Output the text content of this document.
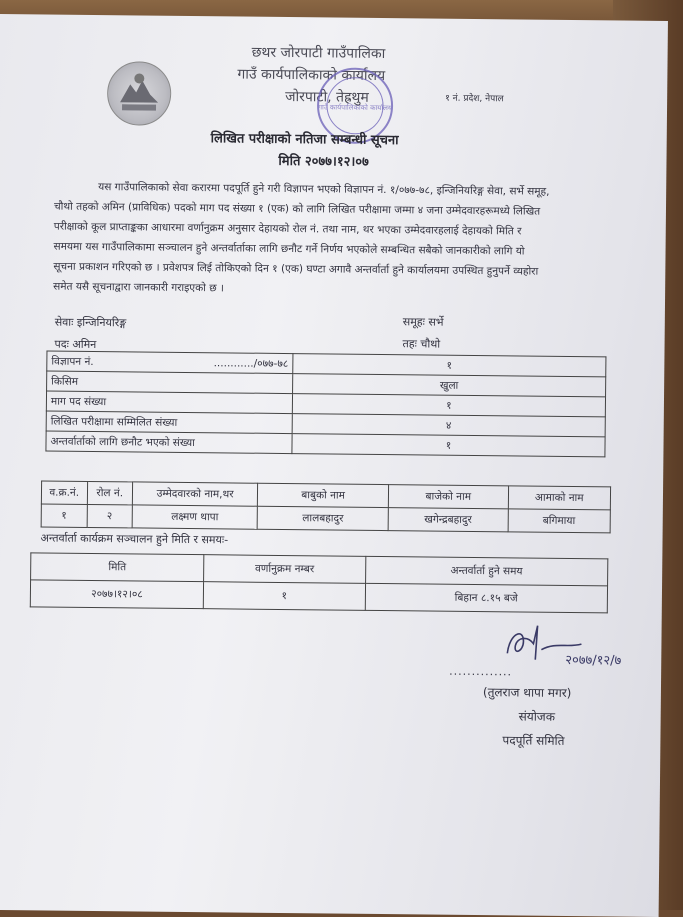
छथर जोरपाटी गाउँपालिका
गाउँ कार्यपालिकाको कार्यालय
जोरपाटी, तेह्रथुम
गाउँ कार्यपालिकाको कार्यालय
१ नं. प्रदेश, नेपाल
लिखित परीक्षाको नतिजा सम्बन्धी सूचना
मिति २०७७।१२।०७
यस गाउँपालिकाको सेवा करारमा पदपूर्ति हुने गरी विज्ञापन भएको विज्ञापन नं. १/०७७-७८, इन्जिनियरिङ्ग सेवा, सर्भे समूह,
चौथो तहको अमिन (प्राविधिक) पदको माग पद संख्या १ (एक) को लागि लिखित परीक्षामा जम्मा ४ जना उम्मेदवारहरूमध्ये लिखित
परीक्षाको कूल प्राप्ताङ्कका आधारमा वर्णानुक्रम अनुसार देहायको रोल नं. तथा नाम, थर भएका उम्मेदवारहलाई देहायको मिति र
समयमा यस गाउँपालिकामा सञ्चालन हुने अन्तर्वार्ताका लागि छनौट गर्ने निर्णय भएकोले सम्बन्धित सबैको जानकारीको लागि यो
सूचना प्रकाशन गरिएको छ । प्रवेशपत्र लिई तोकिएको दिन १ (एक) घण्टा अगावै अन्तर्वार्ता हुने कार्यालयमा उपस्थित हुनुपर्ने व्यहोरा
समेत यसै सूचनाद्वारा जानकारी गराइएको छ ।
सेवाः इन्जिनियरिङ्ग	समूहः सर्भे
पदः अमिन	तहः चौथो
विज्ञापन नं. ............/०७७-७८	१
किसिम	खुला
माग पद संख्या	१
लिखित परीक्षामा सम्मिलित संख्या	४
अन्तर्वार्ताको लागि छनौट भएको संख्या	१
व.क्र.नं.	रोल नं.	उम्मेदवारको नाम,थर	बाबुको नाम	बाजेको नाम	आमाको नाम
१	२	लक्ष्मण थापा	लालबहादुर	खगेन्द्रबहादुर	बगिमाया
अन्तर्वार्ता कार्यक्रम सञ्चालन हुने मिति र समयः-
मिति	वर्णानुक्रम नम्बर	अन्तर्वार्ता हुने समय
२०७७।१२।०८	१	बिहान ८.१५ बजे
..............
२०७७/१२/७
(तुलराज थापा मगर)
संयोजक
पदपूर्ति समिति
